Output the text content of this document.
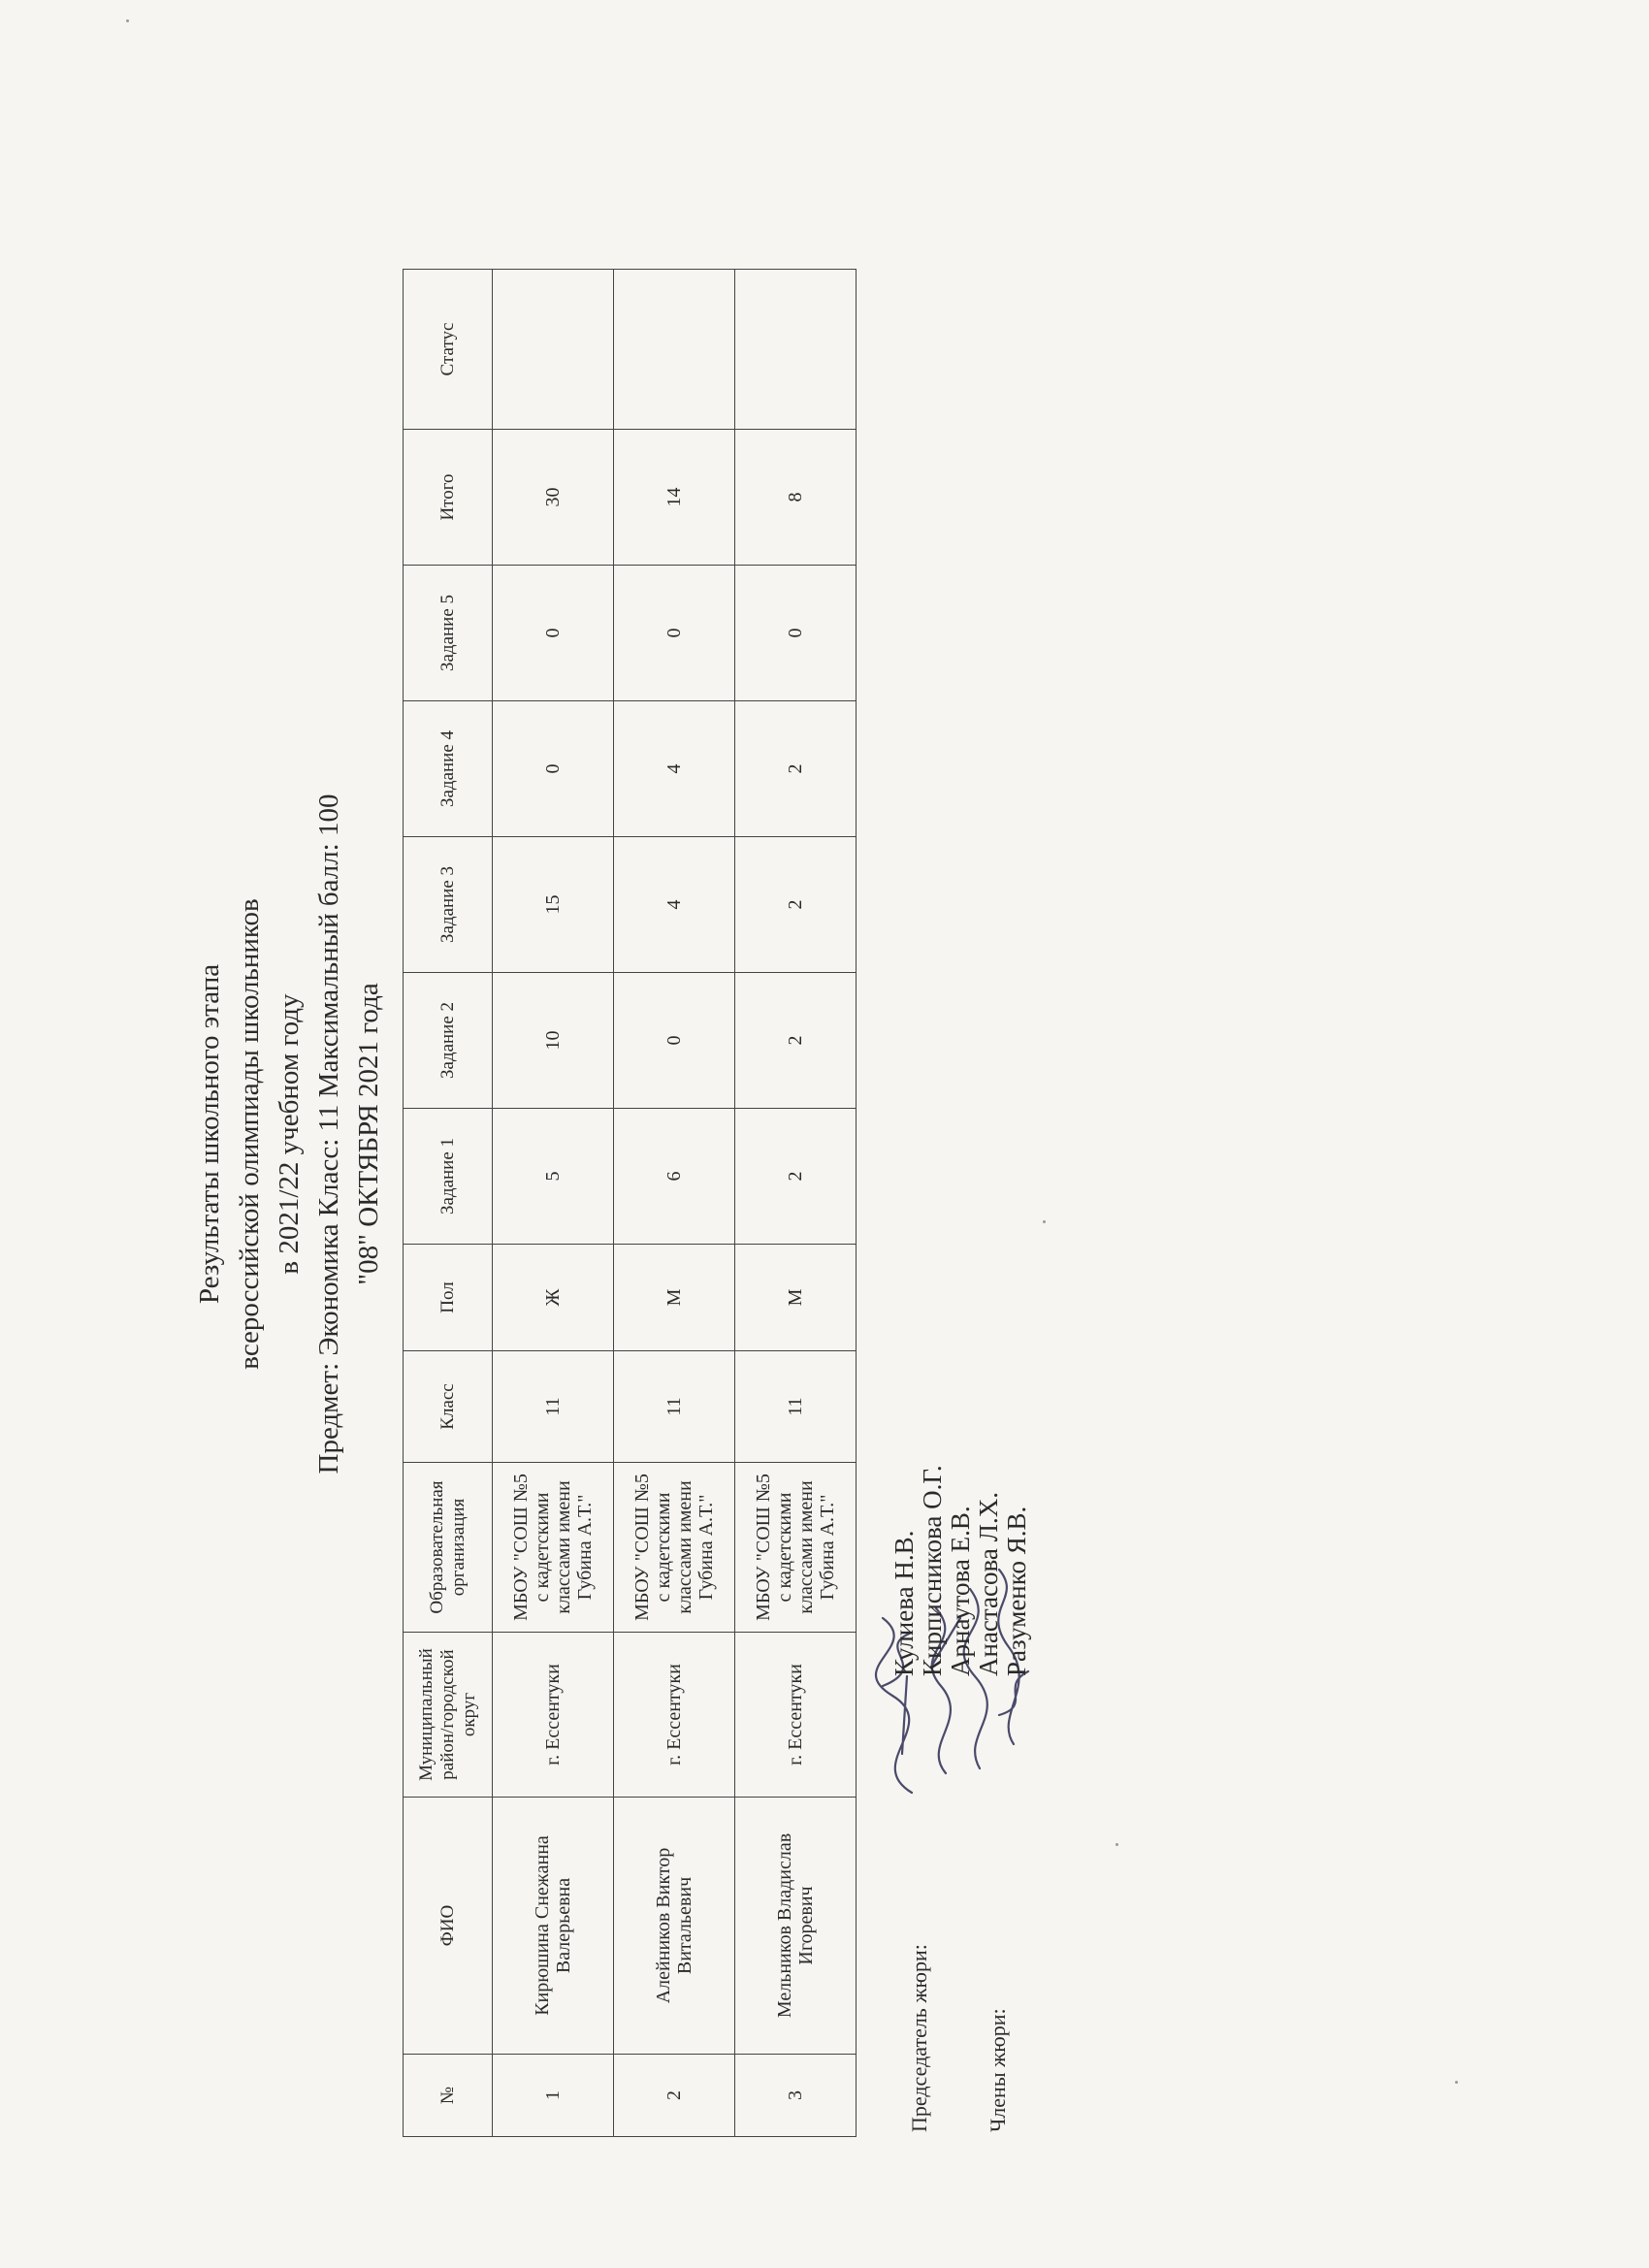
Результаты школьного этапа всероссийской олимпиады школьников в 2021/22 учебном году Предмет: Экономика Класс: 11 Максимальный балл: 100 "08" ОКТЯБРЯ 2021 года
№	ФИО	Муниципальный район/городской округ	Образовательная организация	Класс	Пол	Задание 1	Задание 2	Задание 3	Задание 4	Задание 5	Итого	Статус
1	Кирюшина Снежанна Валерьевна	г. Ессентуки	МБОУ "СОШ №5 с кадетскими классами имени Губина А.Т."	11	Ж	5	10	15	0	0	30	
2	Алейников Виктор Витальевич	г. Ессентуки	МБОУ "СОШ №5 с кадетскими классами имени Губина А.Т."	11	М	6	0	4	4	0	14	
3	Мельников Владислав Игоревич	г. Ессентуки	МБОУ "СОШ №5 с кадетскими классами имени Губина А.Т."	11	М	2	2	2	2	0	8	
Председатель жюри:	Члены жюри:
Кулиева Н.В. Кирписникова О.Г. Арнаутова Е.В. Анастасова Л.Х. Разуменко Я.В.
